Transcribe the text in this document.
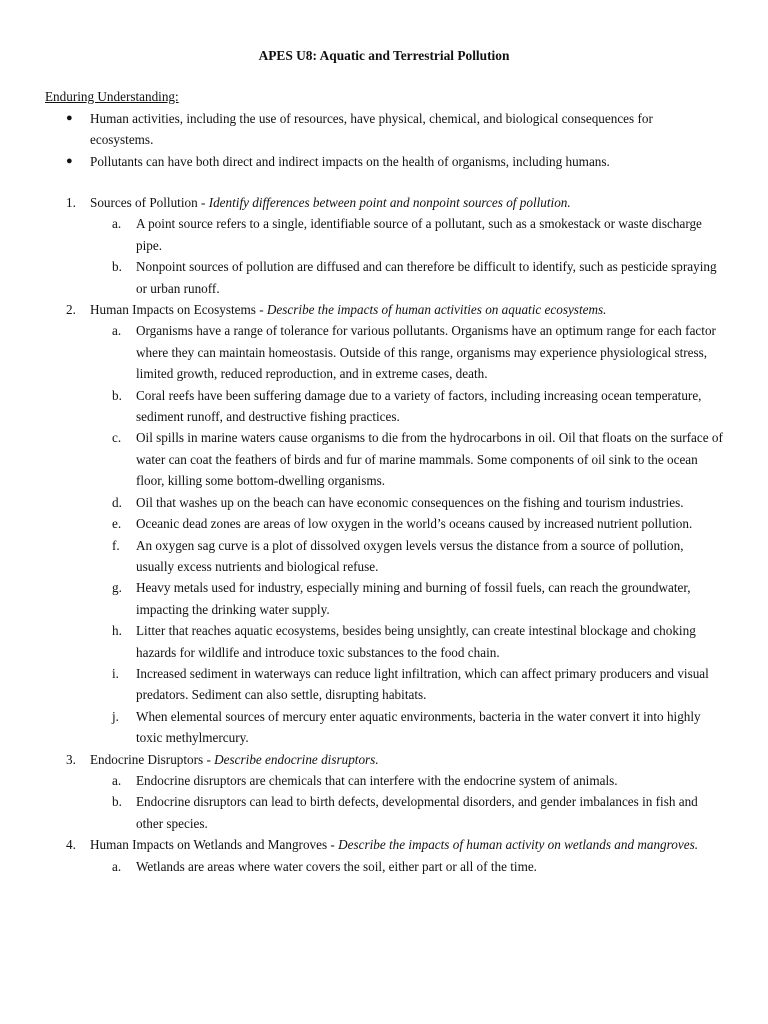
APES U8: Aquatic and Terrestrial Pollution
Enduring Understanding:
● Human activities, including the use of resources, have physical, chemical, and biological consequences for ecosystems.
● Pollutants can have both direct and indirect impacts on the health of organisms, including humans.
1. Sources of Pollution - Identify differences between point and nonpoint sources of pollution.
a. A point source refers to a single, identifiable source of a pollutant, such as a smokestack or waste discharge pipe.
b. Nonpoint sources of pollution are diffused and can therefore be difficult to identify, such as pesticide spraying or urban runoff.
2. Human Impacts on Ecosystems - Describe the impacts of human activities on aquatic ecosystems.
a. Organisms have a range of tolerance for various pollutants. Organisms have an optimum range for each factor where they can maintain homeostasis. Outside of this range, organisms may experience physiological stress, limited growth, reduced reproduction, and in extreme cases, death.
b. Coral reefs have been suffering damage due to a variety of factors, including increasing ocean temperature, sediment runoff, and destructive fishing practices.
c. Oil spills in marine waters cause organisms to die from the hydrocarbons in oil. Oil that floats on the surface of water can coat the feathers of birds and fur of marine mammals. Some components of oil sink to the ocean floor, killing some bottom-dwelling organisms.
d. Oil that washes up on the beach can have economic consequences on the fishing and tourism industries.
e. Oceanic dead zones are areas of low oxygen in the world’s oceans caused by increased nutrient pollution.
f. An oxygen sag curve is a plot of dissolved oxygen levels versus the distance from a source of pollution, usually excess nutrients and biological refuse.
g. Heavy metals used for industry, especially mining and burning of fossil fuels, can reach the groundwater, impacting the drinking water supply.
h. Litter that reaches aquatic ecosystems, besides being unsightly, can create intestinal blockage and choking hazards for wildlife and introduce toxic substances to the food chain.
i. Increased sediment in waterways can reduce light infiltration, which can affect primary producers and visual predators. Sediment can also settle, disrupting habitats.
j. When elemental sources of mercury enter aquatic environments, bacteria in the water convert it into highly toxic methylmercury.
3. Endocrine Disruptors - Describe endocrine disruptors.
a. Endocrine disruptors are chemicals that can interfere with the endocrine system of animals.
b. Endocrine disruptors can lead to birth defects, developmental disorders, and gender imbalances in fish and other species.
4. Human Impacts on Wetlands and Mangroves - Describe the impacts of human activity on wetlands and mangroves.
a. Wetlands are areas where water covers the soil, either part or all of the time.
